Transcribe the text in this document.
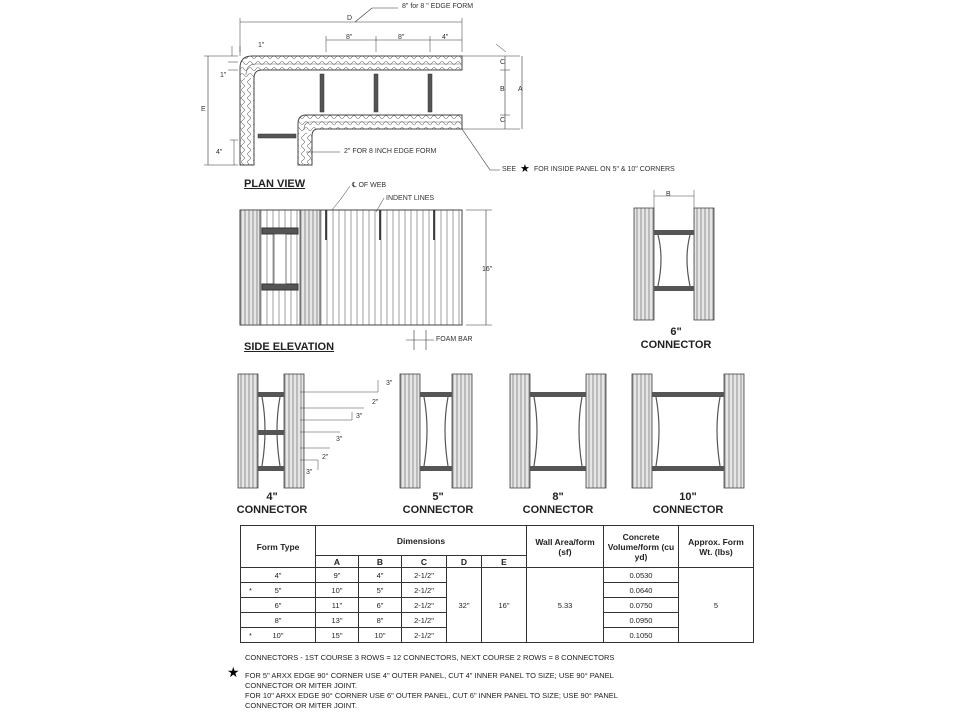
8" for 8 " EDGE FORM
D
8"	8"	4"
1"
1"
E
4"
C
B
C
A
2" FOR 8 INCH EDGE FORM
SEE ★ FOR INSIDE PANEL ON 5" & 10" CORNERS
PLAN VIEW	℄ OF WEB
INDENT LINES
16"
FOAM BAR
SIDE ELEVATION
B
6"
CONNECTOR
4"
CONNECTOR
5"
CONNECTOR
8"
CONNECTOR
10"
CONNECTOR
3"
2"
3"
3"
2"
3"
Form Type	Dimensions					Wall Area/form (sf)	Concrete Volume/form (cu yd)	Approx. Form Wt. (lbs)
	A	B	C	D	E			

4"	9"	4"	2-1/2"	32"	16"	5.33	0.0530	5

* 5"	10"	5"	2-1/2"				0.0640	

6"	11"	6"	2-1/2"				0.0750	

8"	13"	8"	2-1/2"				0.0950	

* 10"	15"	10"	2-1/2"				0.1050	
CONNECTORS - 1ST COURSE 3 ROWS = 12 CONNECTORS, NEXT COURSE 2 ROWS = 8 CONNECTORS
★ FOR 5" ARXX EDGE 90° CORNER USE 4" OUTER PANEL, CUT 4" INNER PANEL TO SIZE; USE 90° PANEL
CONNECTOR OR MITER JOINT.
FOR 10" ARXX EDGE 90° CORNER USE 6" OUTER PANEL, CUT 6" INNER PANEL TO SIZE; USE 90° PANEL
CONNECTOR OR MITER JOINT.
